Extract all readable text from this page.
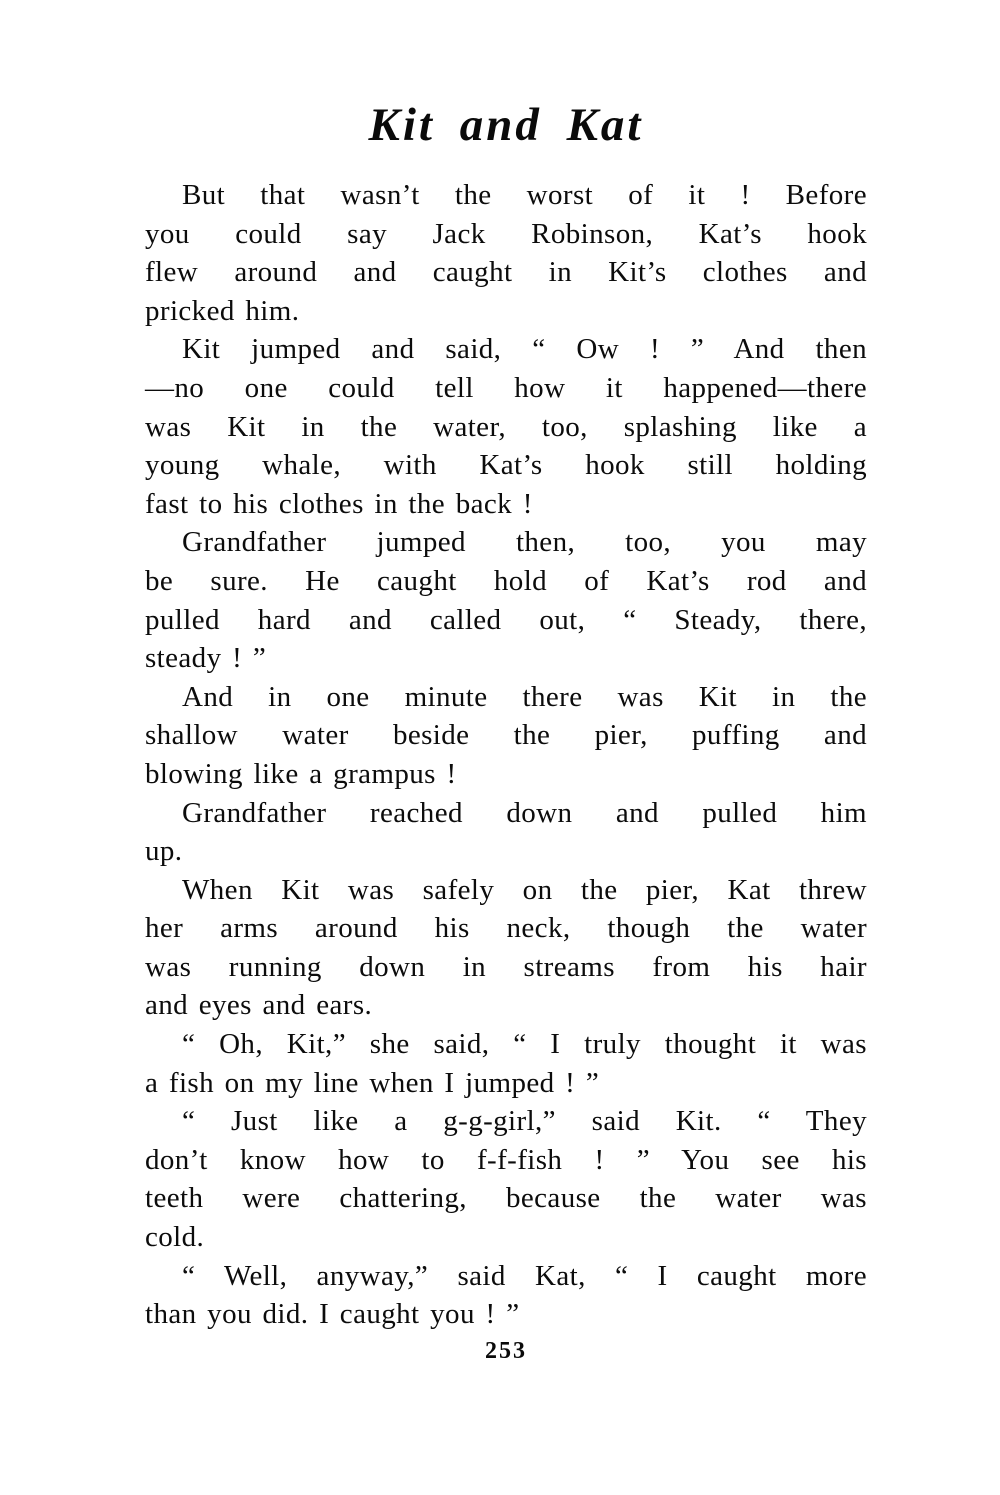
Kit and Kat
But that wasn’t the worst of it ! Before
you could say Jack Robinson, Kat’s hook
flew around and caught in Kit’s clothes and
pricked him.
Kit jumped and said, “ Ow ! ” And then
—no one could tell how it happened—there
was Kit in the water, too, splashing like a
young whale, with Kat’s hook still holding
fast to his clothes in the back !
Grandfather jumped then, too, you may
be sure. He caught hold of Kat’s rod and
pulled hard and called out, “ Steady, there,
steady ! ”
And in one minute there was Kit in the
shallow water beside the pier, puffing and
blowing like a grampus !
Grandfather reached down and pulled him
up.
When Kit was safely on the pier, Kat threw
her arms around his neck, though the water
was running down in streams from his hair
and eyes and ears.
“ Oh, Kit,” she said, “ I truly thought it was
a fish on my line when I jumped ! ”
“ Just like a g-g-girl,” said Kit. “ They
don’t know how to f-f-fish ! ” You see his
teeth were chattering, because the water was
cold.
“ Well, anyway,” said Kat, “ I caught more
than you did. I caught you ! ”
253
